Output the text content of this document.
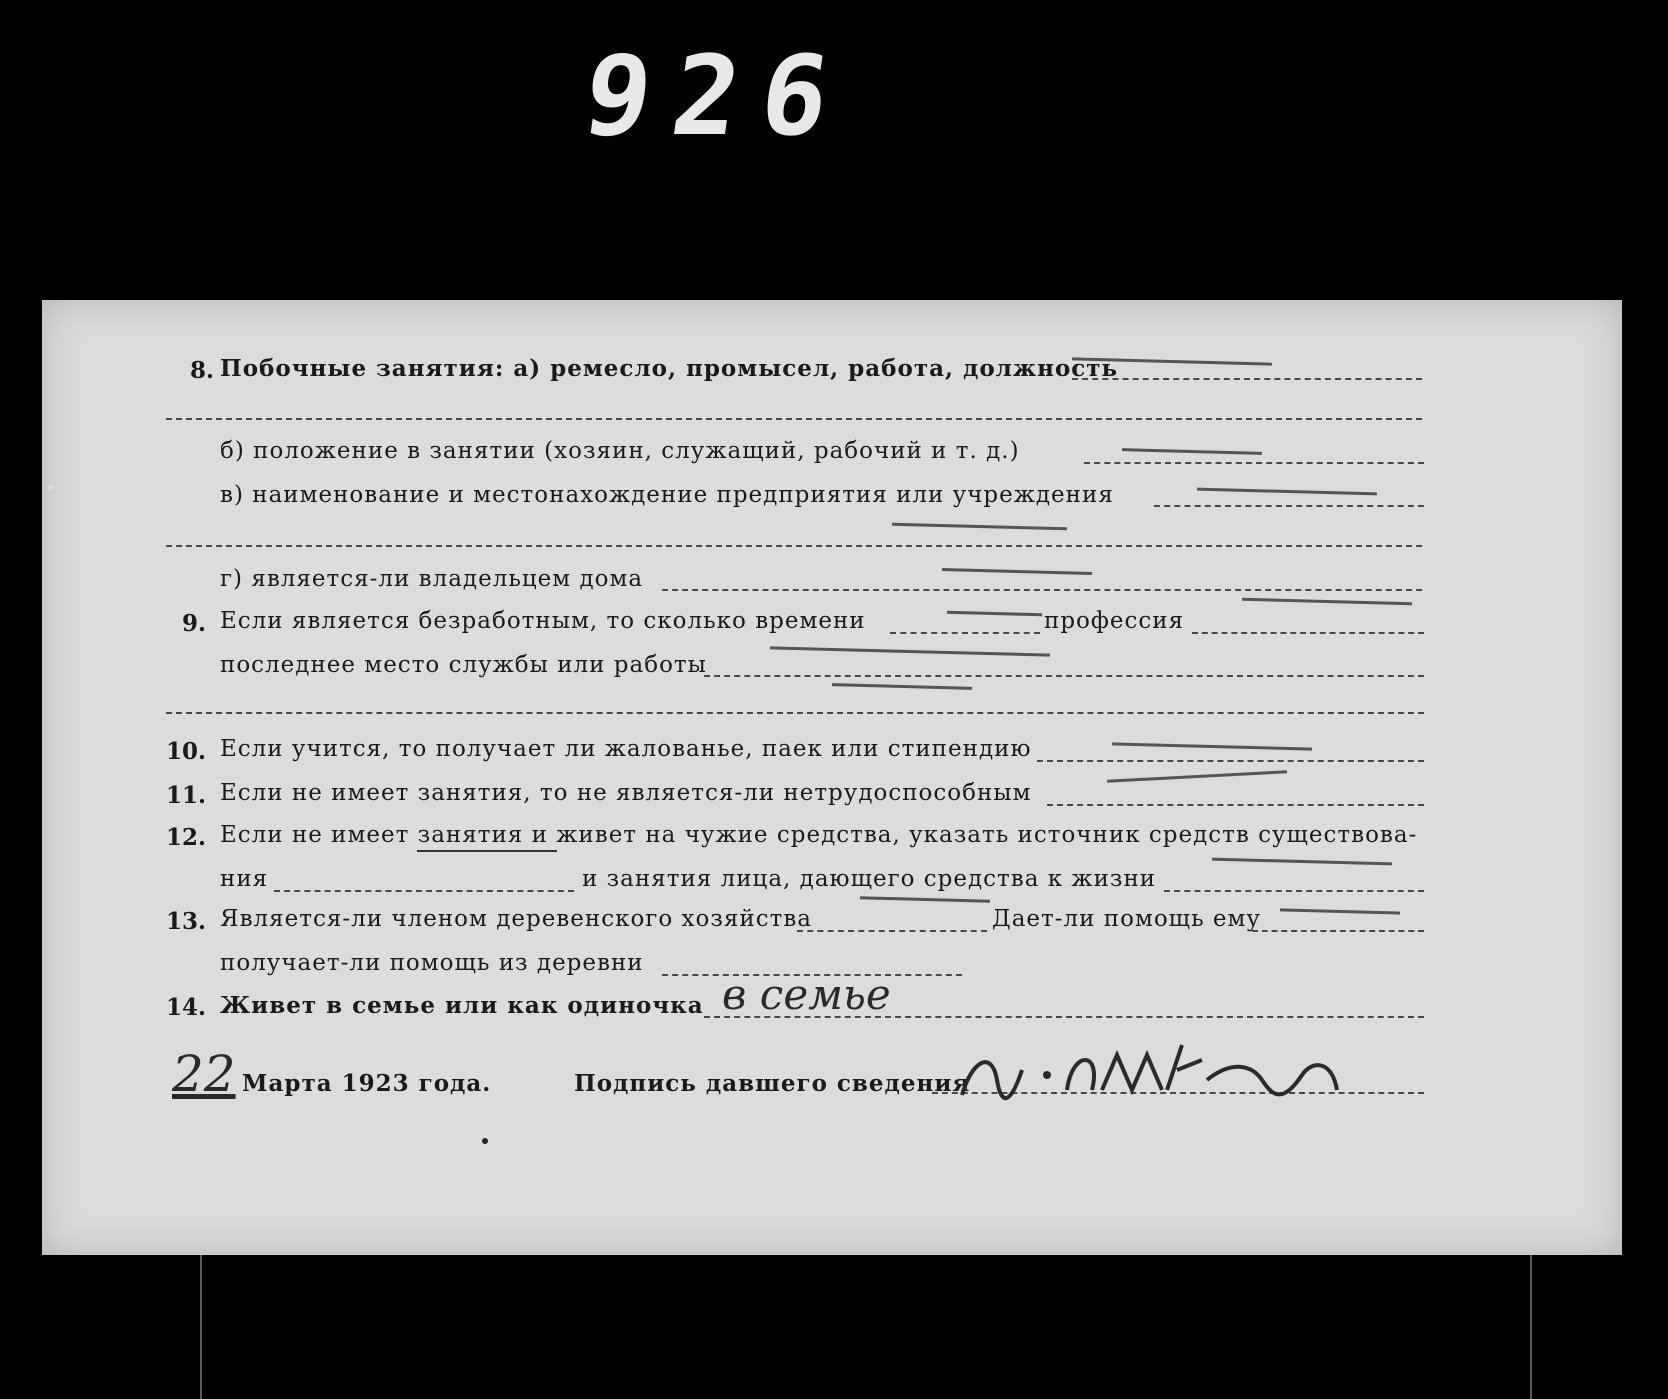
926
8. Побочные занятия: а) ремесло, промысел, работа, должность
б) положение в занятии (хозяин, служащий, рабочий и т. д.)
в) наименование и местонахождение предприятия или учреждения
г) является-ли владельцем дома
9. Если является безработным, то сколько времени	профессия
последнее место службы или работы
10. Если учится, то получает ли жалованье, паек или стипендию
11. Если не имеет занятия, то не является-ли нетрудоспособным
12. Если не имеет занятия и живет на чужие средства, указать источник средств существова-
ния	и занятия лица, дающего средства к жизни
13. Является-ли членом деревенского хозяйства	Дает-ли помощь ему
получает-ли помощь из деревни
14. Живет в семье или как одиночка в семье
22 Марта 1923 года.	Подпись давшего сведения
